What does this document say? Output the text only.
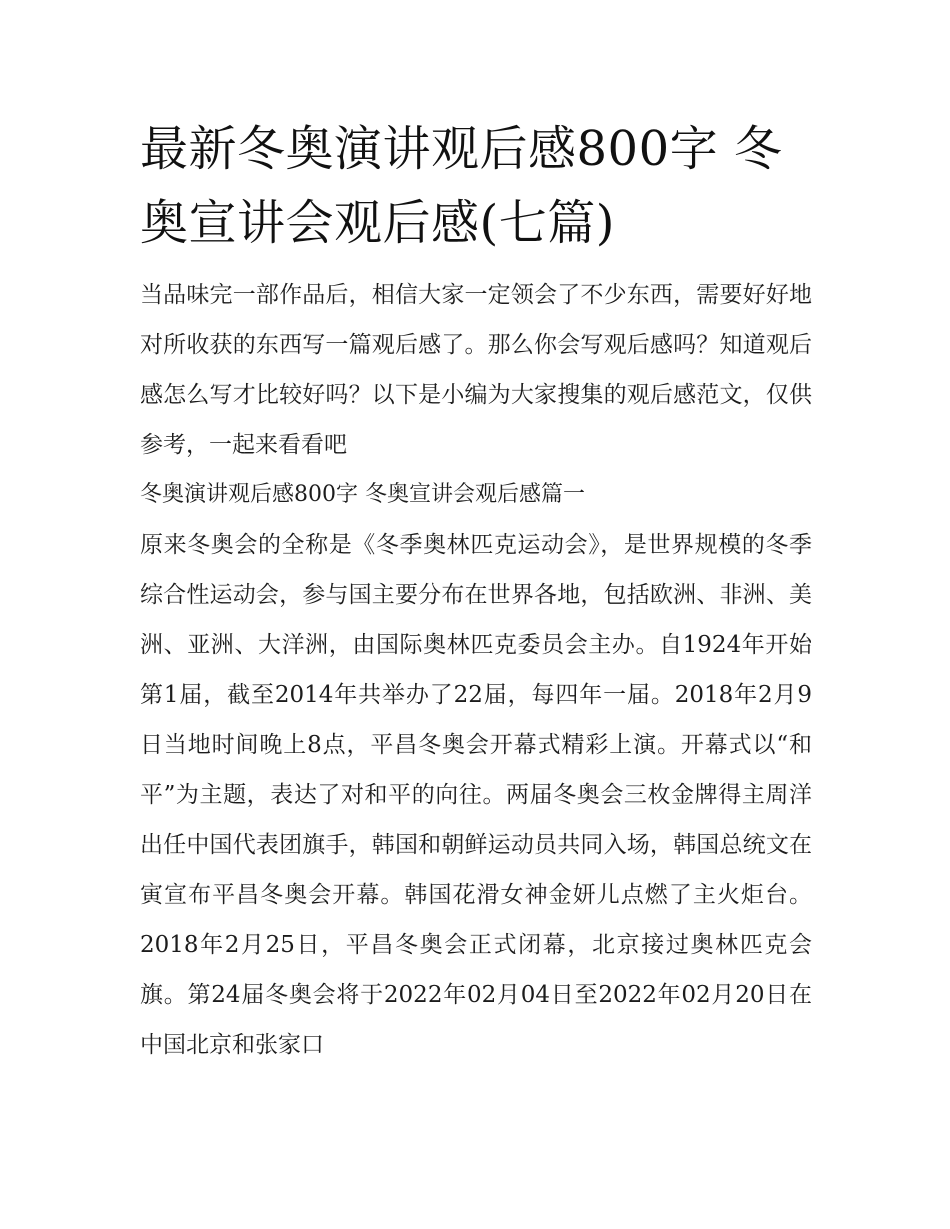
最新冬奥演讲观后感800字 冬奥宣讲会观后感(七篇)

当品味完一部作品后，相信大家一定领会了不少东西，需要好好地对所收获的东西写一篇观后感了。那么你会写观后感吗？知道观后感怎么写才比较好吗？以下是小编为大家搜集的观后感范文，仅供参考，一起来看看吧

冬奥演讲观后感800字 冬奥宣讲会观后感篇一

原来冬奥会的全称是《冬季奥林匹克运动会》，是世界规模的冬季综合性运动会，参与国主要分布在世界各地，包括欧洲、非洲、美洲、亚洲、大洋洲，由国际奥林匹克委员会主办。自1924年开始第1届，截至2014年共举办了22届，每四年一届。2018年2月9日当地时间晚上8点，平昌冬奥会开幕式精彩上演。开幕式以“和平”为主题，表达了对和平的向往。两届冬奥会三枚金牌得主周洋出任中国代表团旗手，韩国和朝鲜运动员共同入场，韩国总统文在寅宣布平昌冬奥会开幕。韩国花滑女神金妍儿点燃了主火炬台。2018年2月25日，平昌冬奥会正式闭幕，北京接过奥林匹克会旗。第24届冬奥会将于2022年02月04日至2022年02月20日在中国北京和张家口
